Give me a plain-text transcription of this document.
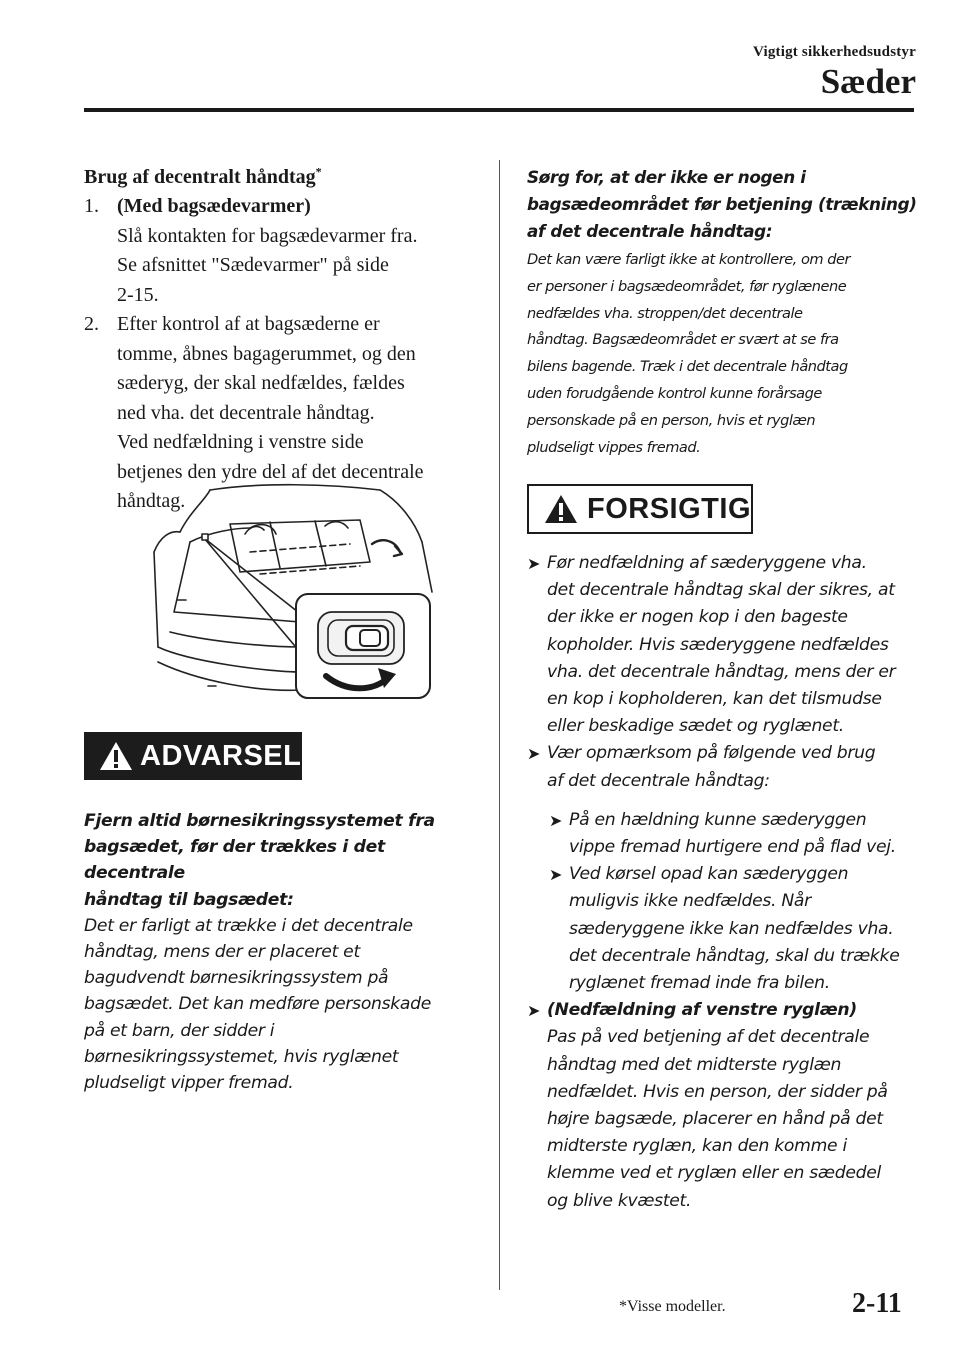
Vigtigt sikkerhedsudstyr
Sæder
Brug af decentralt håndtag*
1. (Med bagsædevarmer)
Slå kontakten for bagsædevarmer fra.
Se afsnittet "Sædevarmer" på side
2-15.
2. Efter kontrol af at bagsæderne er
tomme, åbnes bagagerummet, og den
sæderyg, der skal nedfældes, fældes
ned vha. det decentrale håndtag.
Ved nedfældning i venstre side
betjenes den ydre del af det decentrale
håndtag.
ADVARSEL

Fjern altid børnesikringssystemet fra

bagsædet, før der trækkes i det decentrale

håndtag til bagsædet:

Det er farligt at trække i det decentrale

håndtag, mens der er placeret et

bagudvendt børnesikringssystem på

bagsædet. Det kan medføre personskade

på et barn, der sidder i

børnesikringssystemet, hvis ryglænet

pludseligt vipper fremad.

Sørg for, at der ikke er nogen i
bagsædeområdet før betjening (trækning)
af det decentrale håndtag:
Det kan være farligt ikke at kontrollere, om der
er personer i bagsædeområdet, før ryglænene
nedfældes vha. stroppen/det decentrale
håndtag. Bagsædeområdet er svært at se fra
bilens bagende. Træk i det decentrale håndtag
uden forudgående kontrol kunne forårsage
personskade på en person, hvis et ryglæn
pludseligt vippes fremad.
FORSIGTIG
➤ Før nedfældning af sæderyggene vha.
det decentrale håndtag skal der sikres, at
der ikke er nogen kop i den bageste
kopholder. Hvis sæderyggene nedfældes
vha. det decentrale håndtag, mens der er
en kop i kopholderen, kan det tilsmudse
eller beskadige sædet og ryglænet.
➤ Vær opmærksom på følgende ved brug
af det decentrale håndtag:
➤ På en hældning kunne sæderyggen
vippe fremad hurtigere end på flad vej.
➤ Ved kørsel opad kan sæderyggen
muligvis ikke nedfældes. Når
sæderyggene ikke kan nedfældes vha.
det decentrale håndtag, skal du trække
ryglænet fremad inde fra bilen.
➤ (Nedfældning af venstre ryglæn)
Pas på ved betjening af det decentrale
håndtag med det midterste ryglæn
nedfældet. Hvis en person, der sidder på
højre bagsæde, placerer en hånd på det
midterste ryglæn, kan den komme i
klemme ved et ryglæn eller en sædedel
og blive kvæstet.
*Visse modeller.	2-11
